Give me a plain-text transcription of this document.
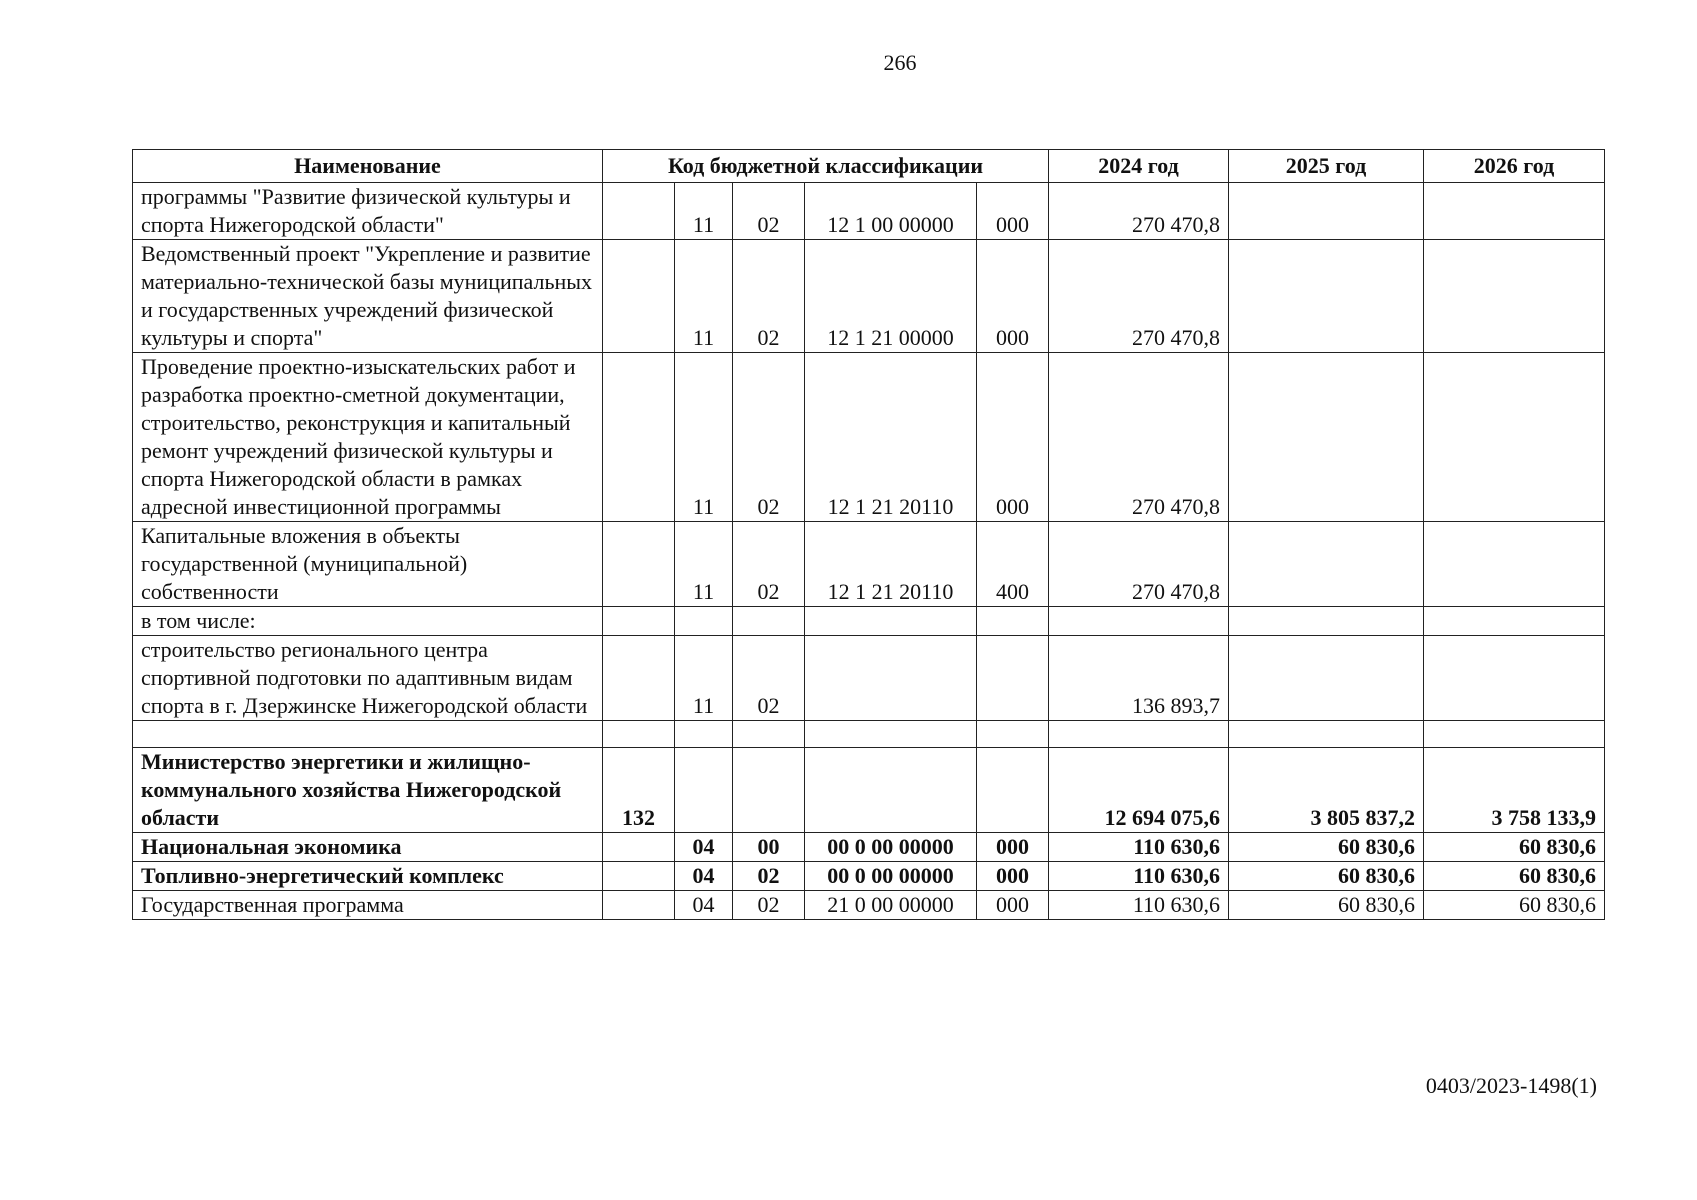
266
Наименование	Код бюджетной классификации					2024 год	2025 год	2026 год
программы "Развитие физической культуры и спорта Нижегородской области"		11	02	12 1 00 00000	000	270 470,8		
Ведомственный проект "Укрепление и развитие материально-технической базы муниципальных и государственных учреждений физической культуры и спорта"		11	02	12 1 21 00000	000	270 470,8		
Проведение проектно-изыскательских работ и разработка проектно-сметной документации, строительство, реконструкция и капитальный ремонт учреждений физической культуры и спорта Нижегородской области в рамках адресной инвестиционной программы		11	02	12 1 21 20110	000	270 470,8		
Капитальные вложения в объекты государственной (муниципальной) собственности		11	02	12 1 21 20110	400	270 470,8		
в том числе:								
строительство регионального центра спортивной подготовки по адаптивным видам спорта в г. Дзержинске Нижегородской области		11	02			136 893,7		

Министерство энергетики и жилищно-коммунального хозяйства Нижегородской области	132					12 694 075,6	3 805 837,2	3 758 133,9
Национальная экономика		04	00	00 0 00 00000	000	110 630,6	60 830,6	60 830,6
Топливно-энергетический комплекс		04	02	00 0 00 00000	000	110 630,6	60 830,6	60 830,6
Государственная программа		04	02	21 0 00 00000	000	110 630,6	60 830,6	60 830,6
0403/2023-1498(1)
